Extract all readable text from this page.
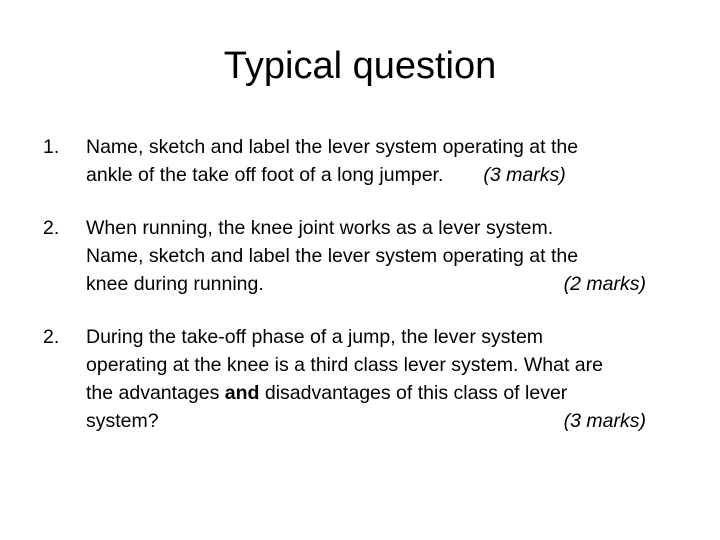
Typical question
1.	Name, sketch and label the lever system operating at the
ankle of the take off foot of a long jumper. (3 marks)
2.	When running, the knee joint works as a lever system.
Name, sketch and label the lever system operating at the
knee during running.	(2 marks)
2.	During the take-off phase of a jump, the lever system
operating at the knee is a third class lever system. What are
the advantages and disadvantages of this class of lever
system?	(3 marks)
